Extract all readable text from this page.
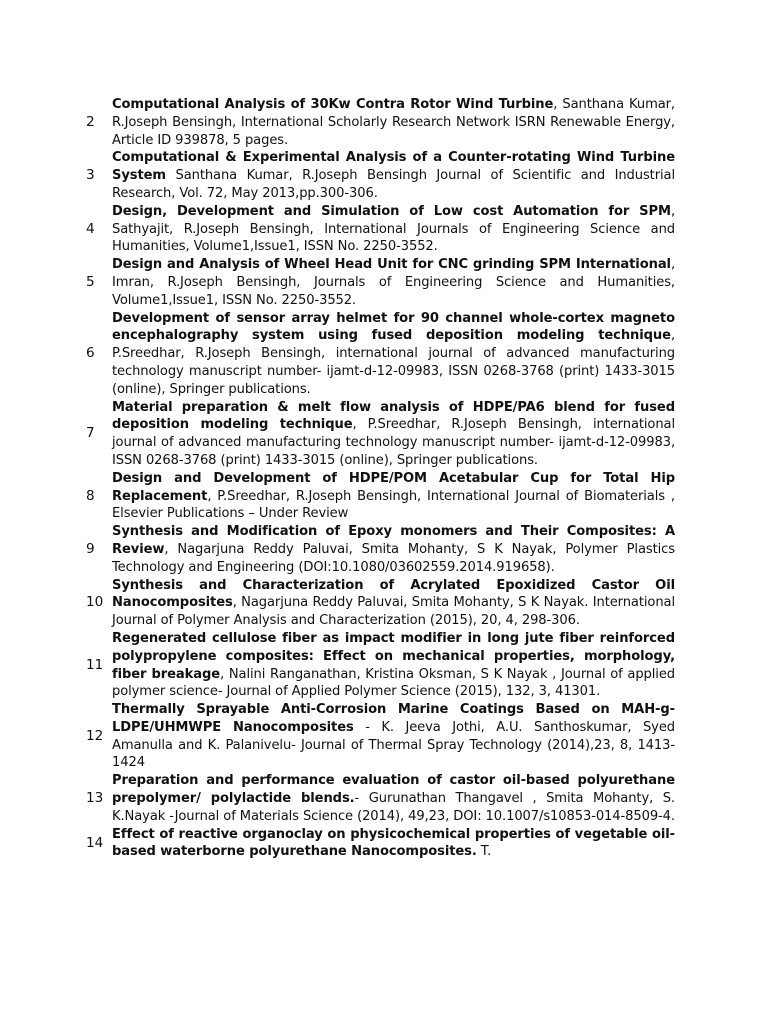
2
Computational Analysis of 30Kw Contra Rotor Wind Turbine, Santhana Kumar, R.Joseph Bensingh, International Scholarly Research Network ISRN Renewable Energy, Article ID 939878, 5 pages.
3
Computational & Experimental Analysis of a Counter-rotating Wind Turbine System Santhana Kumar, R.Joseph Bensingh Journal of Scientific and Industrial Research, Vol. 72, May 2013,pp.300-306.
4
Design, Development and Simulation of Low cost Automation for SPM, Sathyajit, R.Joseph Bensingh, International Journals of Engineering Science and Humanities, Volume1,Issue1, ISSN No. 2250-3552.
5
Design and Analysis of Wheel Head Unit for CNC grinding SPM International, Imran, R.Joseph Bensingh, Journals of Engineering Science and Humanities, Volume1,Issue1, ISSN No. 2250-3552.
6
Development of sensor array helmet for 90 channel whole-cortex magneto encephalography system using fused deposition modeling technique, P.Sreedhar, R.Joseph Bensingh, international journal of advanced manufacturing technology manuscript number- ijamt-d-12-09983, ISSN 0268-3768 (print) 1433-3015 (online), Springer publications.
7
Material preparation & melt flow analysis of HDPE/PA6 blend for fused deposition modeling technique, P.Sreedhar, R.Joseph Bensingh, international journal of advanced manufacturing technology manuscript number- ijamt-d-12-09983, ISSN 0268-3768 (print) 1433-3015 (online), Springer publications.
8
Design and Development of HDPE/POM Acetabular Cup for Total Hip Replacement, P.Sreedhar, R.Joseph Bensingh, International Journal of Biomaterials , Elsevier Publications – Under Review
9
Synthesis and Modification of Epoxy monomers and Their Composites: A Review, Nagarjuna Reddy Paluvai, Smita Mohanty, S K Nayak, Polymer Plastics Technology and Engineering (DOI:10.1080/03602559.2014.919658).
10
Synthesis and Characterization of Acrylated Epoxidized Castor Oil Nanocomposites, Nagarjuna Reddy Paluvai, Smita Mohanty, S K Nayak. International Journal of Polymer Analysis and Characterization (2015), 20, 4, 298-306.
11
Regenerated cellulose fiber as impact modifier in long jute fiber reinforced polypropylene composites: Effect on mechanical properties, morphology, fiber breakage, Nalini Ranganathan, Kristina Oksman, S K Nayak , Journal of applied polymer science- Journal of Applied Polymer Science (2015), 132, 3, 41301.
12
Thermally Sprayable Anti-Corrosion Marine Coatings Based on MAH-g-LDPE/UHMWPE Nanocomposites - K. Jeeva Jothi, A.U. Santhoskumar, Syed Amanulla and K. Palanivelu- Journal of Thermal Spray Technology (2014),23, 8, 1413-1424
13
Preparation and performance evaluation of castor oil-based polyurethane prepolymer/ polylactide blends.- Gurunathan Thangavel , Smita Mohanty, S. K.Nayak -Journal of Materials Science (2014), 49,23, DOI: 10.1007/s10853-014-8509-4.
14
Effect of reactive organoclay on physicochemical properties of vegetable oil-based waterborne polyurethane Nanocomposites. T.
